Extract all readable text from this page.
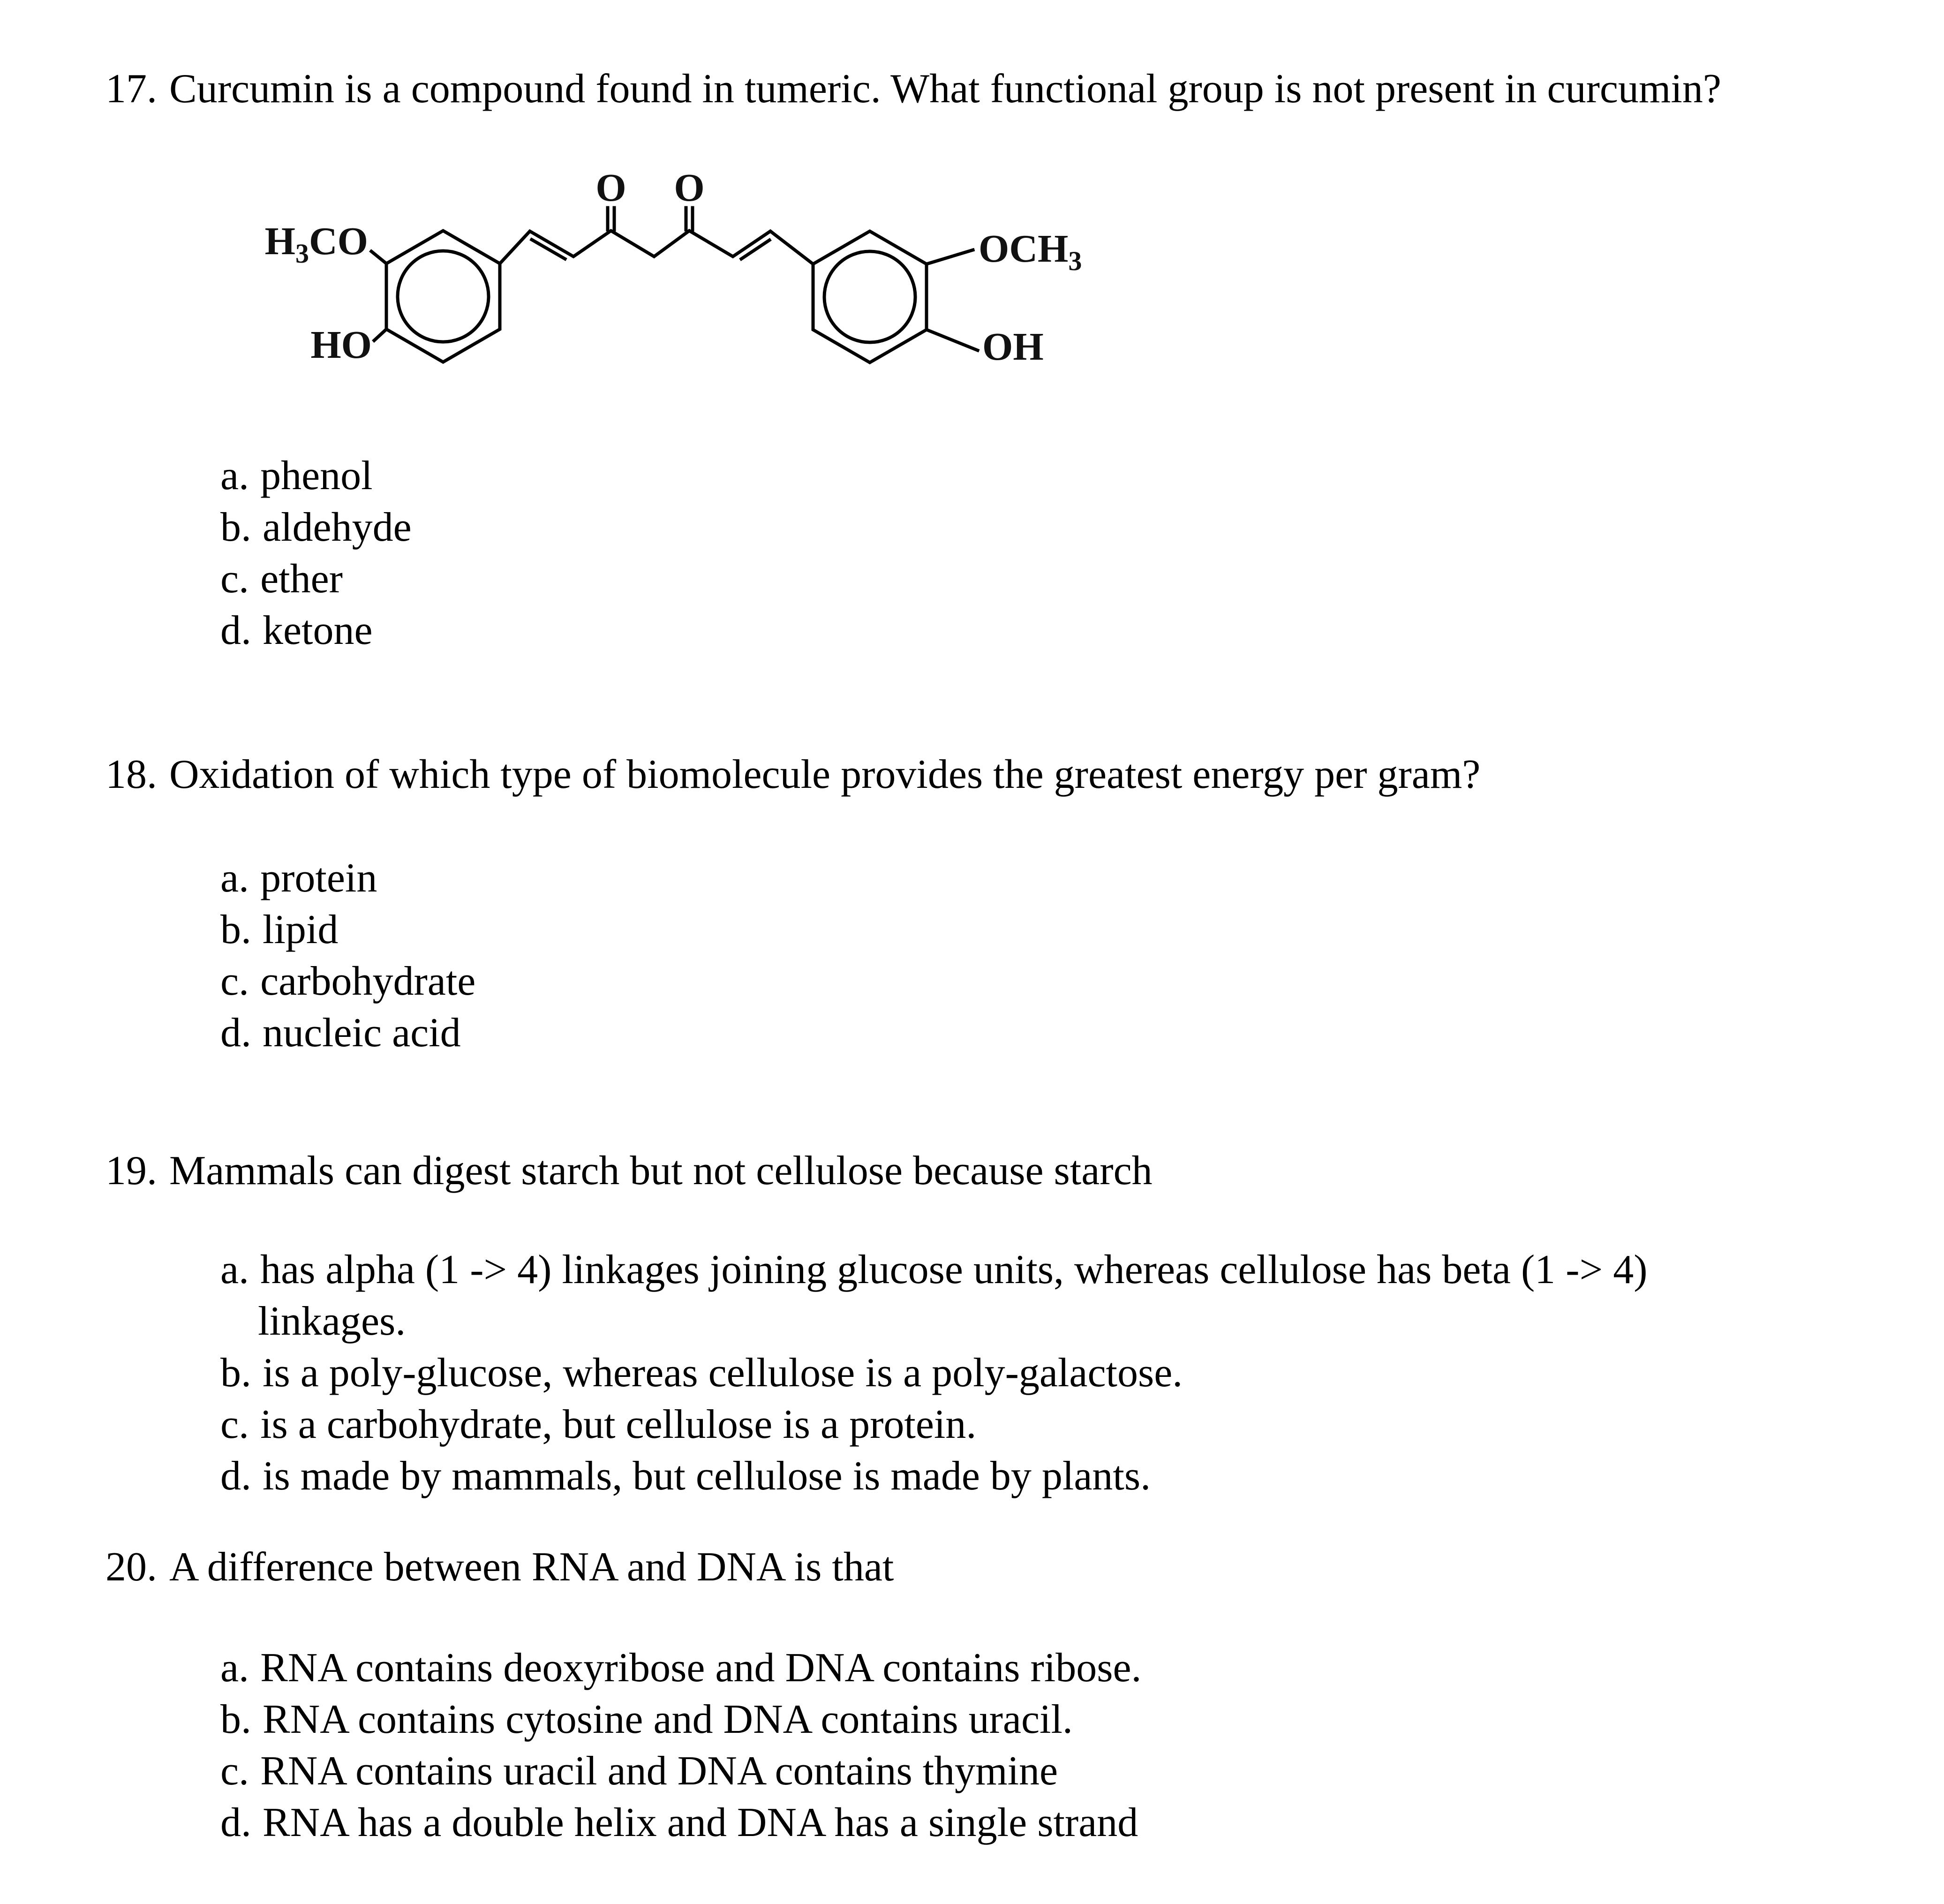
17. Curcumin is a compound found in tumeric. What functional group is not present in curcumin?
O O
$H_3CO$
HO
$OCH_3$
OH
a. phenol
b. aldehyde
c. ether
d. ketone
18. Oxidation of which type of biomolecule provides the greatest energy per gram?
a. protein
b. lipid
c. carbohydrate
d. nucleic acid
19. Mammals can digest starch but not cellulose because starch
a. has alpha (1 -> 4) linkages joining glucose units, whereas cellulose has beta (1 -> 4)
linkages.
b. is a poly-glucose, whereas cellulose is a poly-galactose.
c. is a carbohydrate, but cellulose is a protein.
d. is made by mammals, but cellulose is made by plants.
20. A difference between RNA and DNA is that
a. RNA contains deoxyribose and DNA contains ribose.
b. RNA contains cytosine and DNA contains uracil.
c. RNA contains uracil and DNA contains thymine
d. RNA has a double helix and DNA has a single strand
